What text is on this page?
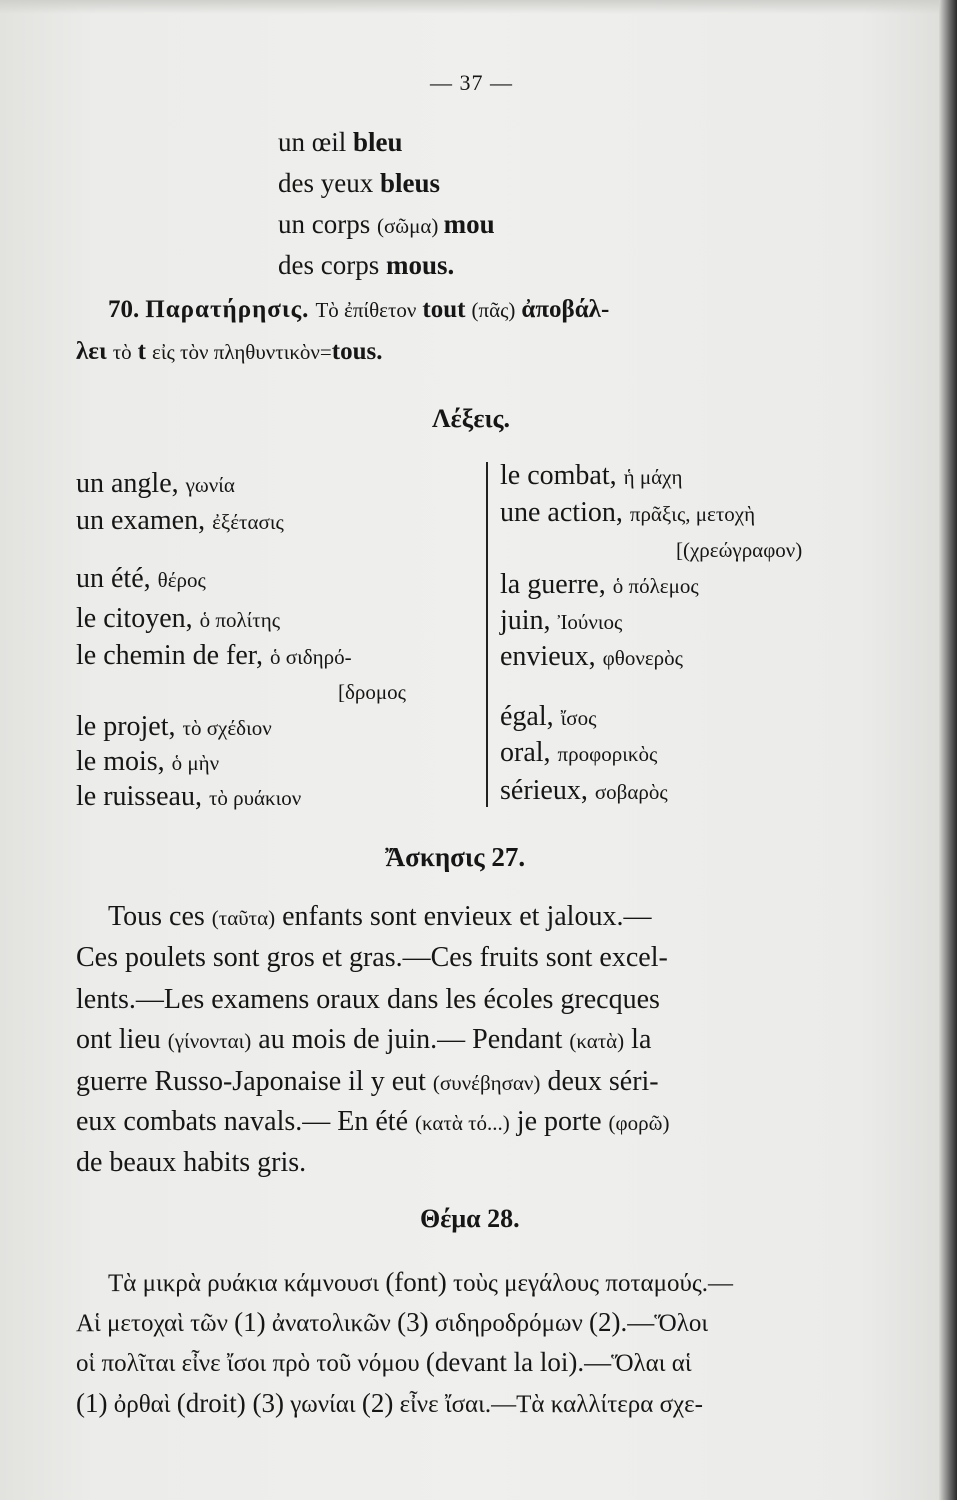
— 37 —
un œil bleu
des yeux bleus
un corps (σῶμα) mou
des corps mous.
70. Παρατήρησις. Τὸ ἐπίθετον tout (πᾶς) ἀποβάλ-
λει τὸ t εἰς τὸν πληθυντικὸν=tous.
Λέξεις.
un angle, γωνία
un examen, ἐξέτασις
un été, θέρος
le citoyen, ὁ πολίτης
le chemin de fer, ὁ σιδηρό-
[δρομος
le projet, τὸ σχέδιον
le mois, ὁ μὴν
le ruisseau, τὸ ρυάκιον
le combat, ἡ μάχη
une action, πρᾶξις, μετοχὴ
[(χρεώγραφον)
la guerre, ὁ πόλεμος
juin, Ἰούνιος
envieux, φθονερὸς
égal, ἴσος
oral, προφορικὸς
sérieux, σοβαρὸς
Ἄσκησις 27.
Tous ces (ταῦτα) enfants sont envieux et jaloux.—
Ces poulets sont gros et gras.—Ces fruits sont excel-
lents.—Les examens oraux dans les écoles grecques
ont lieu (γίνονται) au mois de juin.— Pendant (κατὰ) la
guerre Russo-Japonaise il y eut (συνέβησαν) deux séri-
eux combats navals.— En été (κατὰ τό...) je porte (φορῶ)
de beaux habits gris.
Θέμα 28.
Τὰ μικρὰ ρυάκια κάμνουσι (font) τοὺς μεγάλους ποταμούς.—
Αἱ μετοχαὶ τῶν (1) ἀνατολικῶν (3) σιδηροδρόμων (2).—Ὅλοι
οἱ πολῖται εἶνε ἴσοι πρὸ τοῦ νόμου (devant la loi).—Ὅλαι αἱ
(1) ὀρθαὶ (droit) (3) γωνίαι (2) εἶνε ἴσαι.—Τὰ καλλίτερα σχε-
